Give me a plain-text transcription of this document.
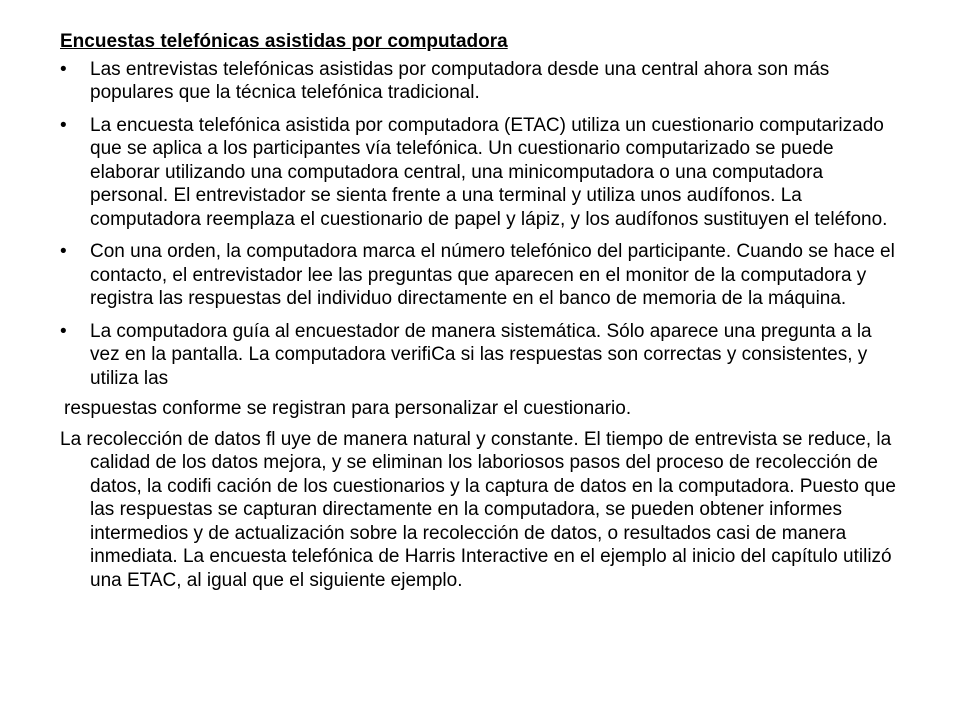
Encuestas telefónicas asistidas por computadora
• Las entrevistas telefónicas asistidas por computadora desde una central ahora son más populares que la técnica telefónica tradicional.
• La encuesta telefónica asistida por computadora (ETAC) utiliza un cuestionario computarizado que se aplica a los participantes vía telefónica. Un cuestionario computarizado se puede elaborar utilizando una computadora central, una minicomputadora o una computadora personal. El entrevistador se sienta frente a una terminal y utiliza unos audífonos. La computadora reemplaza el cuestionario de papel y lápiz, y los audífonos sustituyen el teléfono.
• Con una orden, la computadora marca el número telefónico del participante. Cuando se hace el contacto, el entrevistador lee las preguntas que aparecen en el monitor de la computadora y registra las respuestas del individuo directamente en el banco de memoria de la máquina.
• La computadora guía al encuestador de manera sistemática. Sólo aparece una pregunta a la vez en la pantalla. La computadora verifiCa si las respuestas son correctas y consistentes, y utiliza las
respuestas conforme se registran para personalizar el cuestionario.
La recolección de datos fl uye de manera natural y constante. El tiempo de entrevista se reduce, la calidad de los datos mejora, y se eliminan los laboriosos pasos del proceso de recolección de datos, la codifi cación de los cuestionarios y la captura de datos en la computadora. Puesto que las respuestas se capturan directamente en la computadora, se pueden obtener informes intermedios y de actualización sobre la recolección de datos, o resultados casi de manera inmediata. La encuesta telefónica de Harris Interactive en el ejemplo al inicio del capítulo utilizó una ETAC, al igual que el siguiente ejemplo.
